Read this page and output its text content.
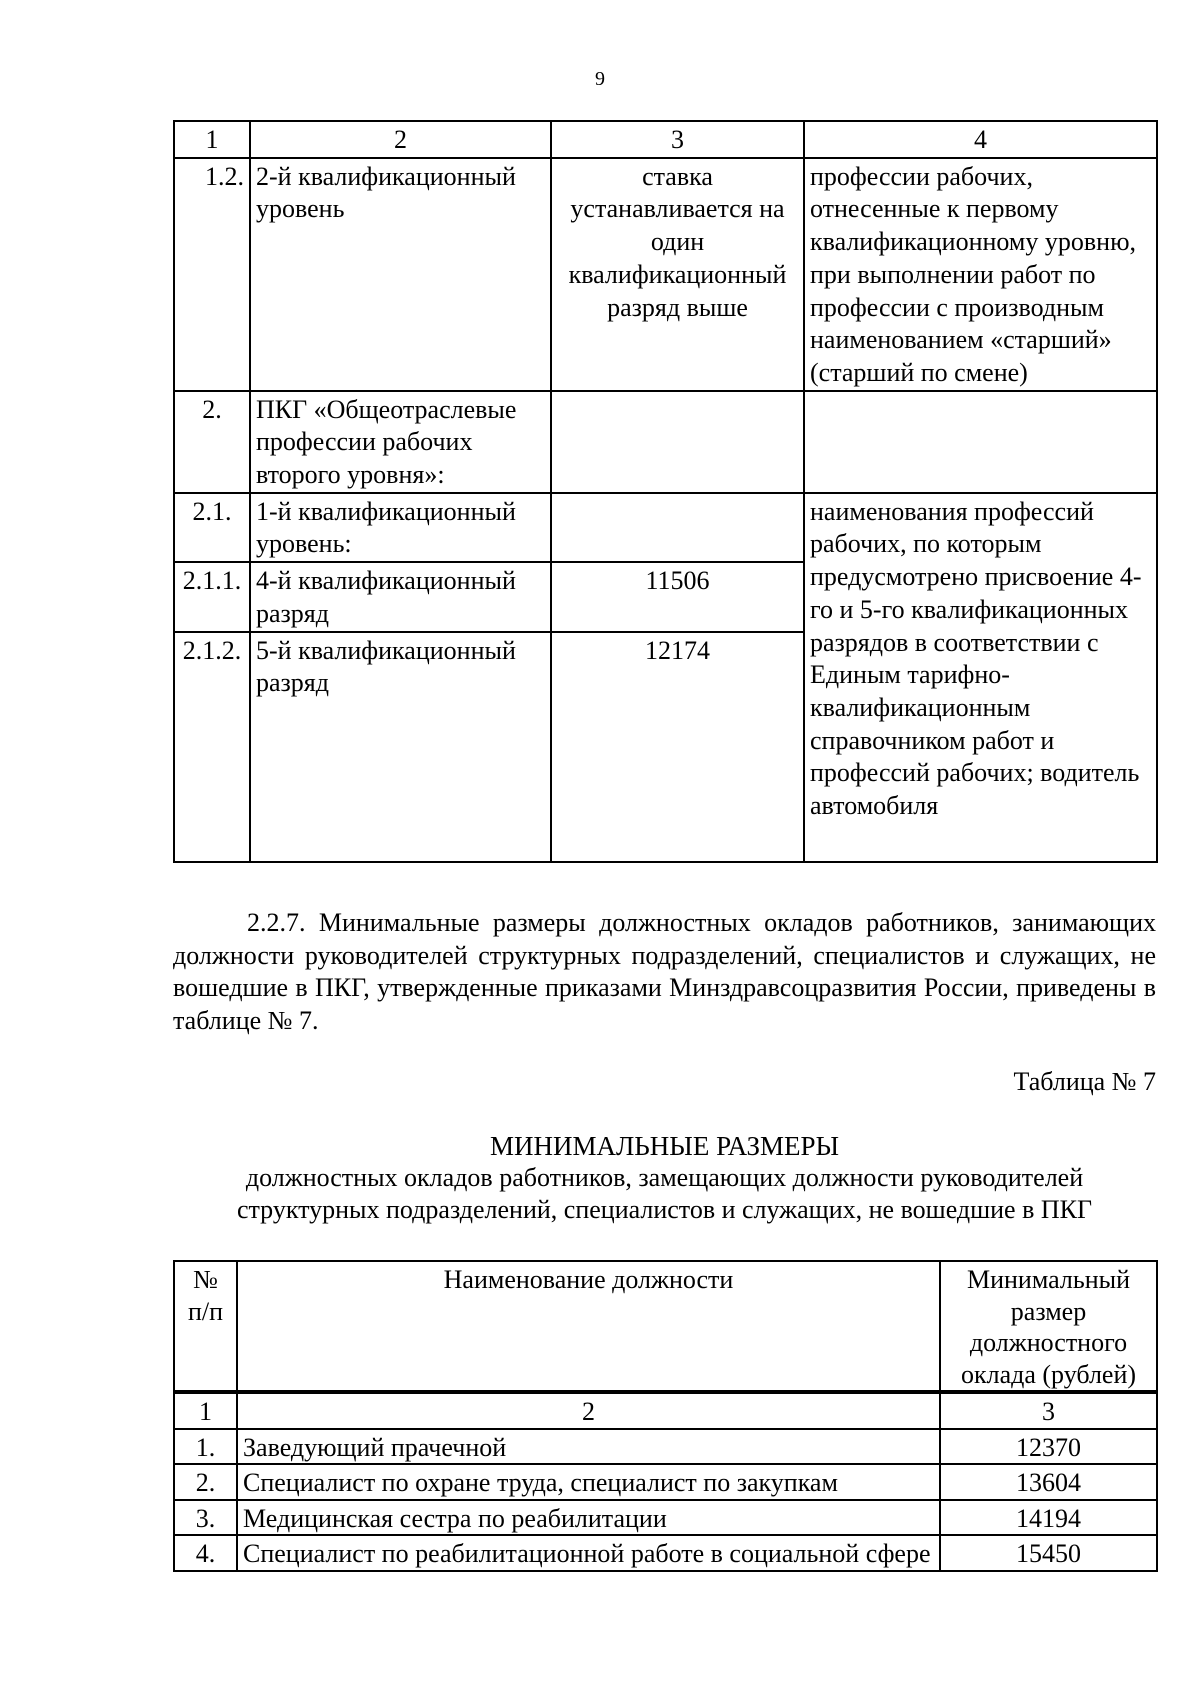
9
1	2	3	4
1.2.	2-й квалификационный уровень	ставка устанавливается на один квалификационный разряд выше	профессии рабочих, отнесенные к первому квалификационному уровню, при выполнении работ по профессии с производным наименованием «старший» (старший по смене)
2.	ПКГ «Общеотраслевые профессии рабочих второго уровня»:		
2.1.	1-й квалификационный уровень:		наименования профессий рабочих, по которым предусмотрено присвоение 4-го и 5-го квалификационных разрядов в соответствии с Единым тарифно-квалификационным справочником работ и профессий рабочих; водитель автомобиля
2.1.1.	4-й квалификационный разряд	11506	
2.1.2.	5-й квалификационный разряд	12174	
2.2.7. Минимальные размеры должностных окладов работников, занимающих должности руководителей структурных подразделений, специалистов и служащих, не вошедшие в ПКГ, утвержденные приказами Минздравсоцразвития России, приведены в таблице № 7.
Таблица № 7
МИНИМАЛЬНЫЕ РАЗМЕРЫ
должностных окладов работников, замещающих должности руководителей структурных подразделений, специалистов и служащих, не вошедшие в ПКГ
№ п/п	Наименование должности	Минимальный размер должностного оклада (рублей)
1	2	3
1.	Заведующий прачечной	12370
2.	Специалист по охране труда, специалист по закупкам	13604
3.	Медицинская сестра по реабилитации	14194
4.	Специалист по реабилитационной работе в социальной сфере	15450
